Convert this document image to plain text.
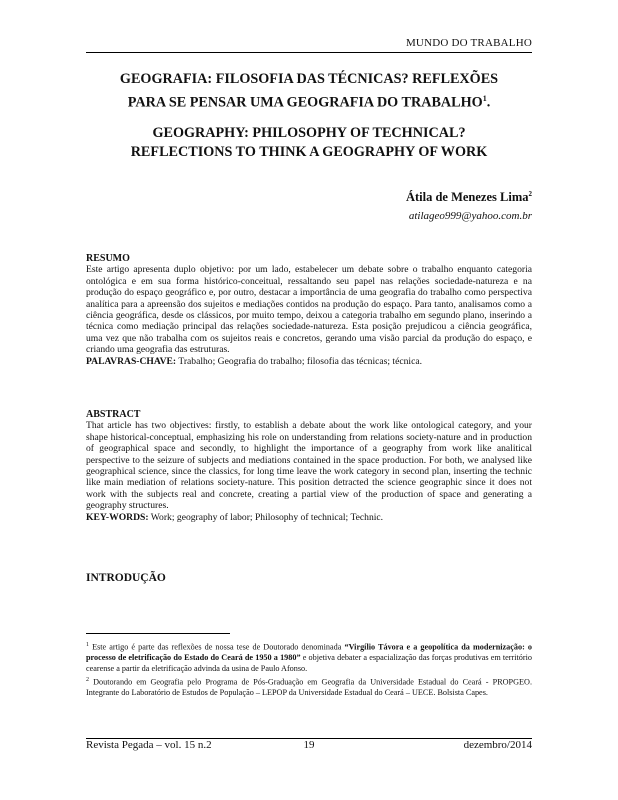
MUNDO DO TRABALHO
GEOGRAFIA: FILOSOFIA DAS TÉCNICAS? REFLEXÕES
PARA SE PENSAR UMA GEOGRAFIA DO TRABALHO$^1$.
GEOGRAPHY: PHILOSOPHY OF TECHNICAL?
REFLECTIONS TO THINK A GEOGRAPHY OF WORK
Átila de Menezes Lima$^2$
atilageo999@yahoo.com.br

RESUMO

Este artigo apresenta duplo objetivo: por um lado, estabelecer um debate sobre o trabalho enquanto categoria ontológica e em sua forma histórico-conceitual, ressaltando seu papel nas relações sociedade-natureza e na produção do espaço geográfico e, por outro, destacar a importância de uma geografia do trabalho como perspectiva analítica para a apreensão dos sujeitos e mediações contidos na produção do espaço. Para tanto, analisamos como a ciência geográfica, desde os clássicos, por muito tempo, deixou a categoria trabalho em segundo plano, inserindo a técnica como mediação principal das relações sociedade-natureza. Esta posição prejudicou a ciência geográfica, uma vez que não trabalha com os sujeitos reais e concretos, gerando uma visão parcial da produção do espaço, e criando uma geografia das estruturas.

PALAVRAS-CHAVE: Trabalho; Geografia do trabalho; filosofia das técnicas; técnica.

ABSTRACT

That article has two objectives: firstly, to establish a debate about the work like ontological category, and your shape historical-conceptual, emphasizing his role on understanding from relations society-nature and in production of geographical space and secondly, to highlight the importance of a geography from work like analitical perspective to the seizure of subjects and mediations contained in the space production. For both, we analysed like geographical science, since the classics, for long time leave the work category in second plan, inserting the technic like main mediation of relations society-nature. This position detracted the science geographic since it does not work with the subjects real and concrete, creating a partial view of the production of space and generating a geography structures.

KEY-WORDS: Work; geography of labor; Philosophy of technical; Technic.

INTRODUÇÃO

$^1$ Este artigo é parte das reflexões de nossa tese de Doutorado denominada “Virgílio Távora e a geopolítica da modernização: o processo de eletrificação do Estado do Ceará de 1950 a 1980” e objetiva debater a espacialização das forças produtivas em território cearense a partir da eletrificação advinda da usina de Paulo Afonso.

$^2$ Doutorando em Geografia pelo Programa de Pós-Graduação em Geografia da Universidade Estadual do Ceará - PROPGEO. Integrante do Laboratório de Estudos de População – LEPOP da Universidade Estadual do Ceará – UECE. Bolsista Capes.

Revista Pegada – vol. 15 n.2	19	dezembro/2014
